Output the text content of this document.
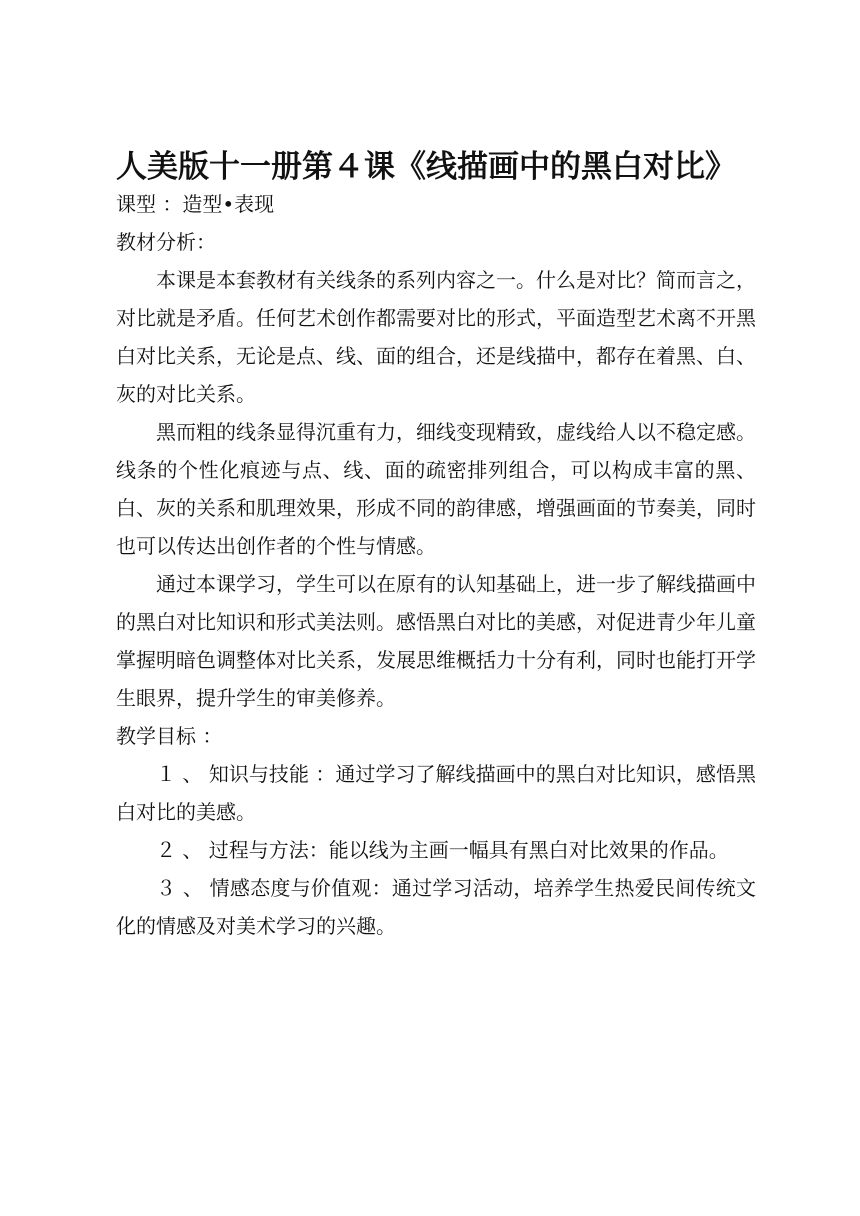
人美版十一册第４课《线描画中的黑白对比》
课型 ：造型•表现
教材分析：

本课是本套教材有关线条的系列内容之一。什么是对比？简而言之，对比就是矛盾。任何艺术创作都需要对比的形式，平面造型艺术离不开黑白对比关系，无论是点、线、面的组合，还是线描中，都存在着黑、白、灰的对比关系。

黑而粗的线条显得沉重有力，细线变现精致，虚线给人以不稳定感。线条的个性化痕迹与点、线、面的疏密排列组合，可以构成丰富的黑、白、灰的关系和肌理效果，形成不同的韵律感，增强画面的节奏美，同时也可以传达出创作者的个性与情感。

通过本课学习，学生可以在原有的认知基础上，进一步了解线描画中的黑白对比知识和形式美法则。感悟黑白对比的美感，对促进青少年儿童掌握明暗色调整体对比关系，发展思维概括力十分有利，同时也能打开学生眼界，提升学生的审美修养。

教学目标 ：

１ 、 知识与技能 ：通过学习了解线描画中的黑白对比知识，感悟黑白对比的美感。

２ 、 过程与方法：能以线为主画一幅具有黑白对比效果的作品。

３ 、 情感态度与价值观：通过学习活动，培养学生热爱民间传统文化的情感及对美术学习的兴趣。
